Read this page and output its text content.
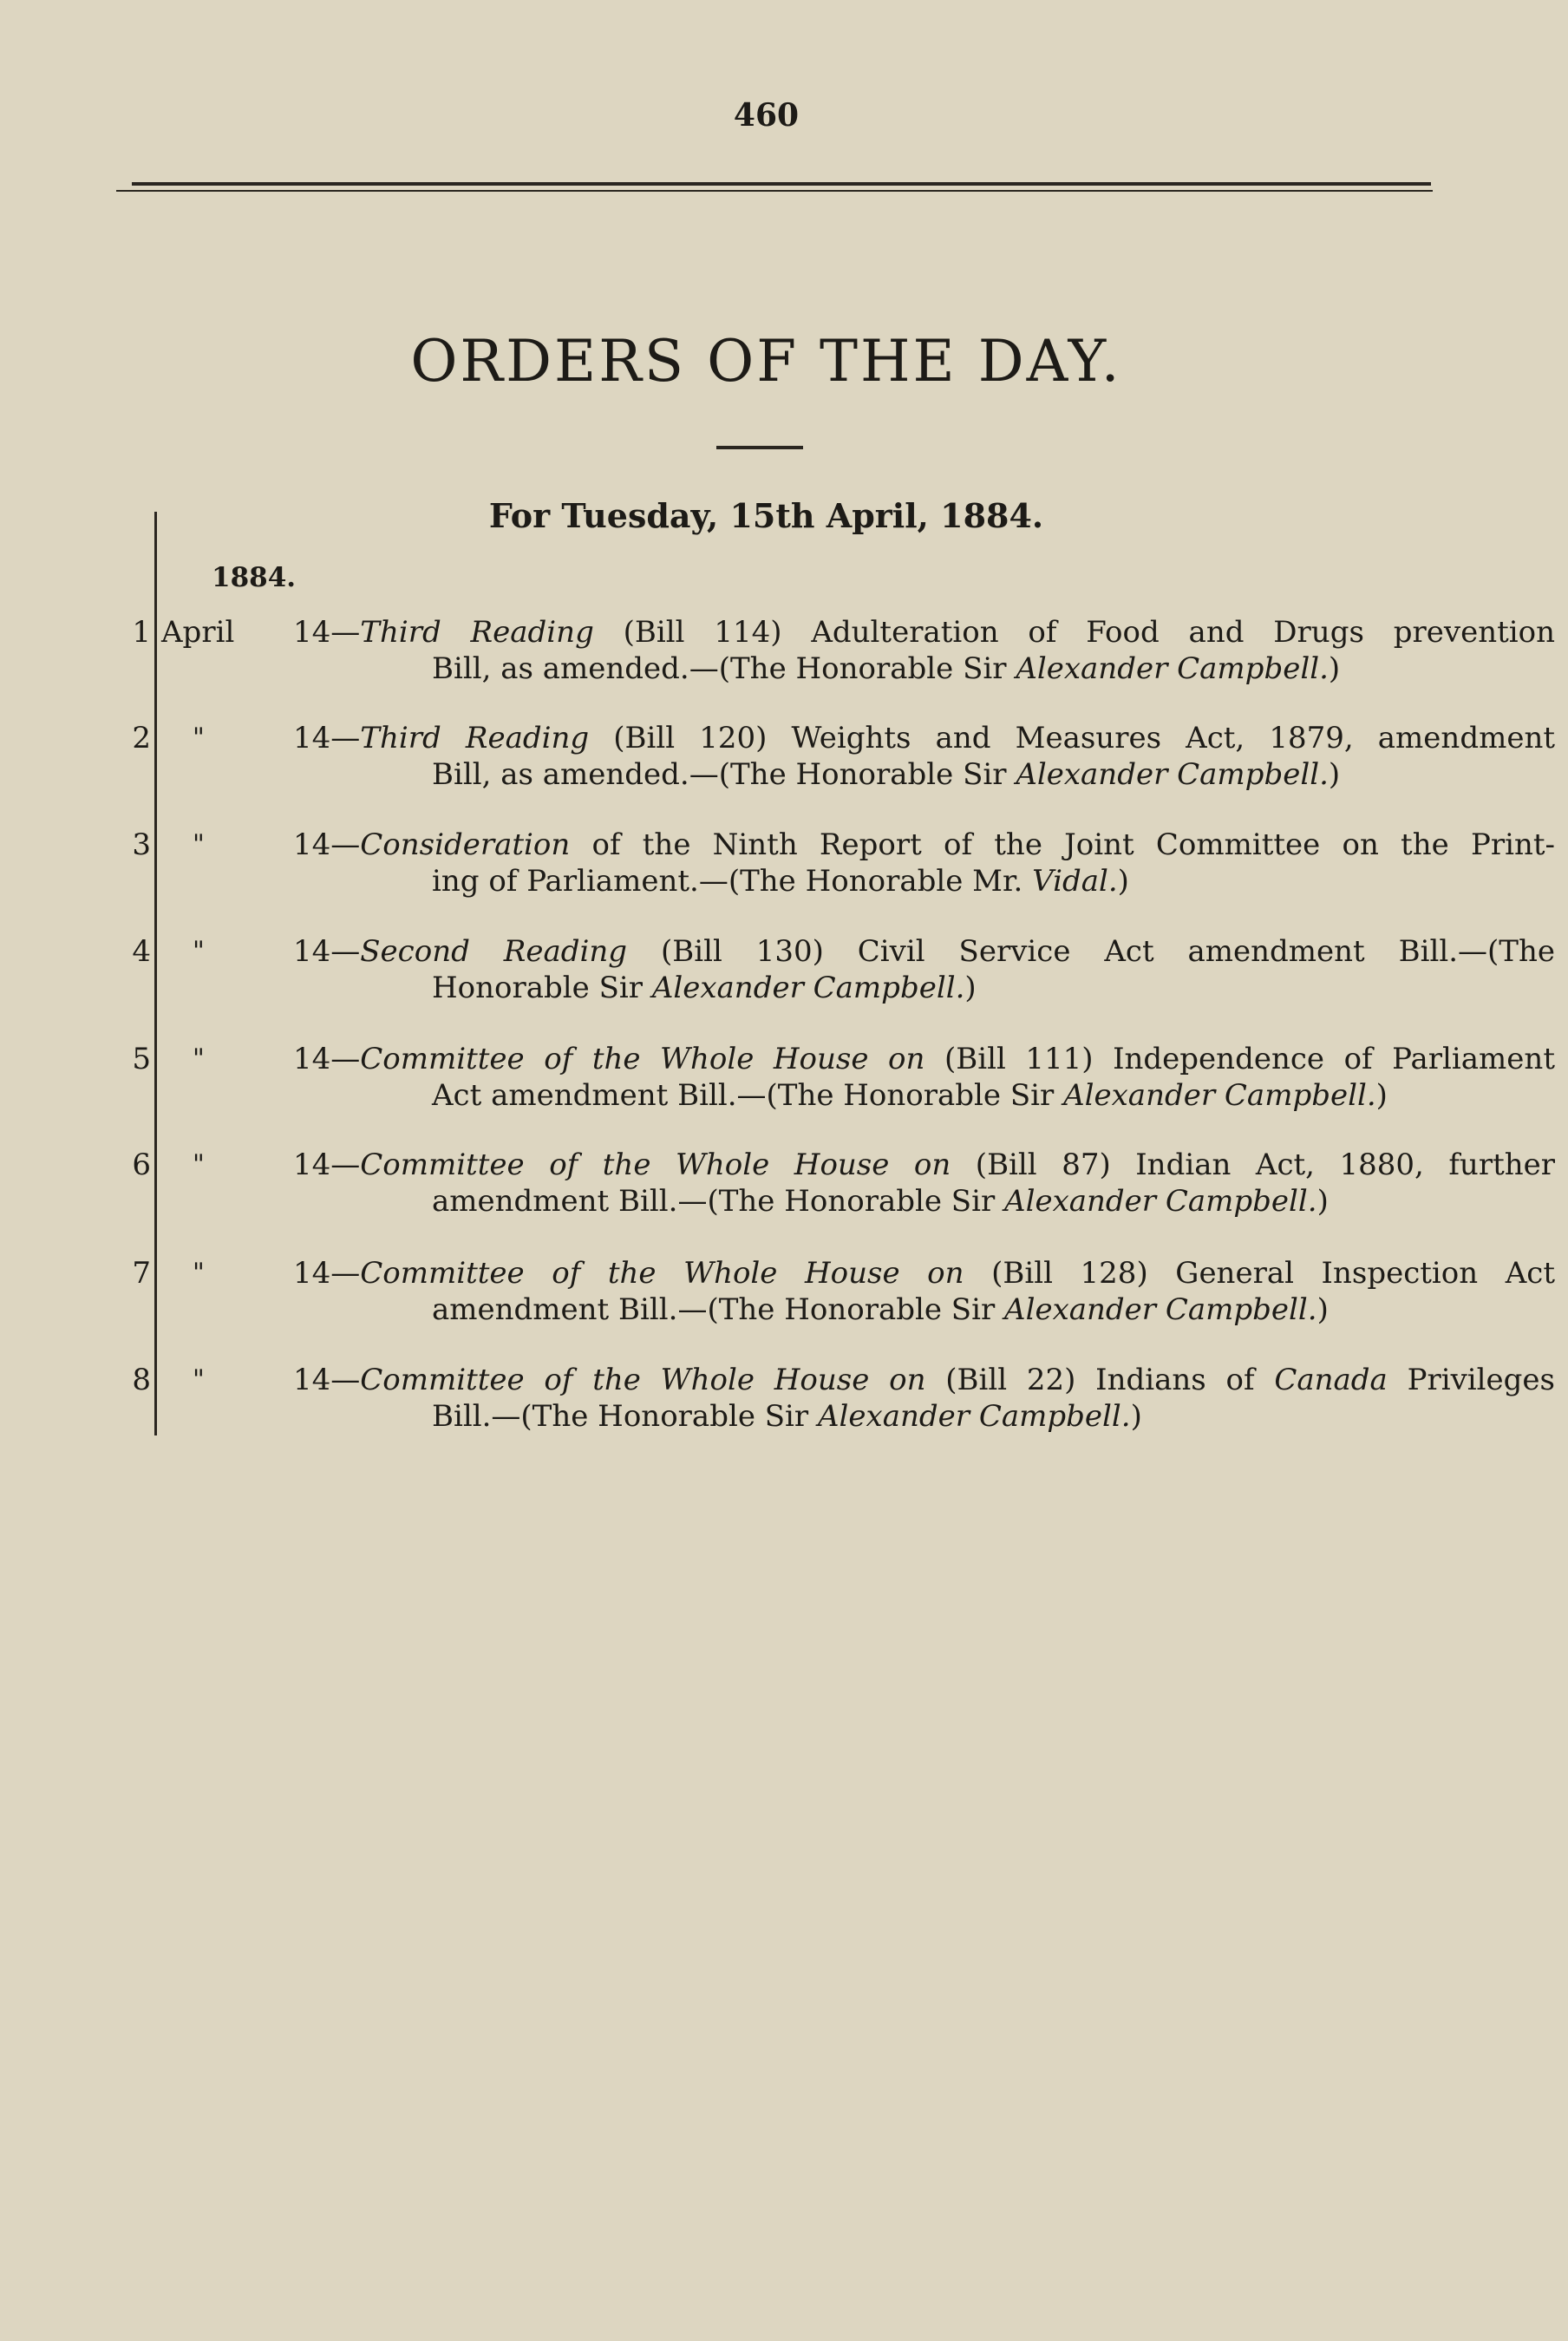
460
ORDERS OF THE DAY.
For Tuesday, 15th April, 1884.
1884.
1 April	14—Third Reading (Bill 114) Adulteration of Food and Drugs prevention
Bill, as amended.—(The Honorable Sir Alexander Campbell.)
2 "	14—Third Reading (Bill 120) Weights and Measures Act, 1879, amendment
Bill, as amended.—(The Honorable Sir Alexander Campbell.)
3 "	14—Consideration of the Ninth Report of the Joint Committee on the Print-
ing of Parliament.—(The Honorable Mr. Vidal.)
4 "	14—Second Reading (Bill 130) Civil Service Act amendment Bill.—(The
Honorable Sir Alexander Campbell.)
5 "	14—Committee of the Whole House on (Bill 111) Independence of Parliament
Act amendment Bill.—(The Honorable Sir Alexander Campbell.)
6 "	14—Committee of the Whole House on (Bill 87) Indian Act, 1880, further
amendment Bill.—(The Honorable Sir Alexander Campbell.)
7 "	14—Committee of the Whole House on (Bill 128) General Inspection Act
amendment Bill.—(The Honorable Sir Alexander Campbell.)
8 "	14—Committee of the Whole House on (Bill 22) Indians of Canada Privileges
Bill.—(The Honorable Sir Alexander Campbell.)
